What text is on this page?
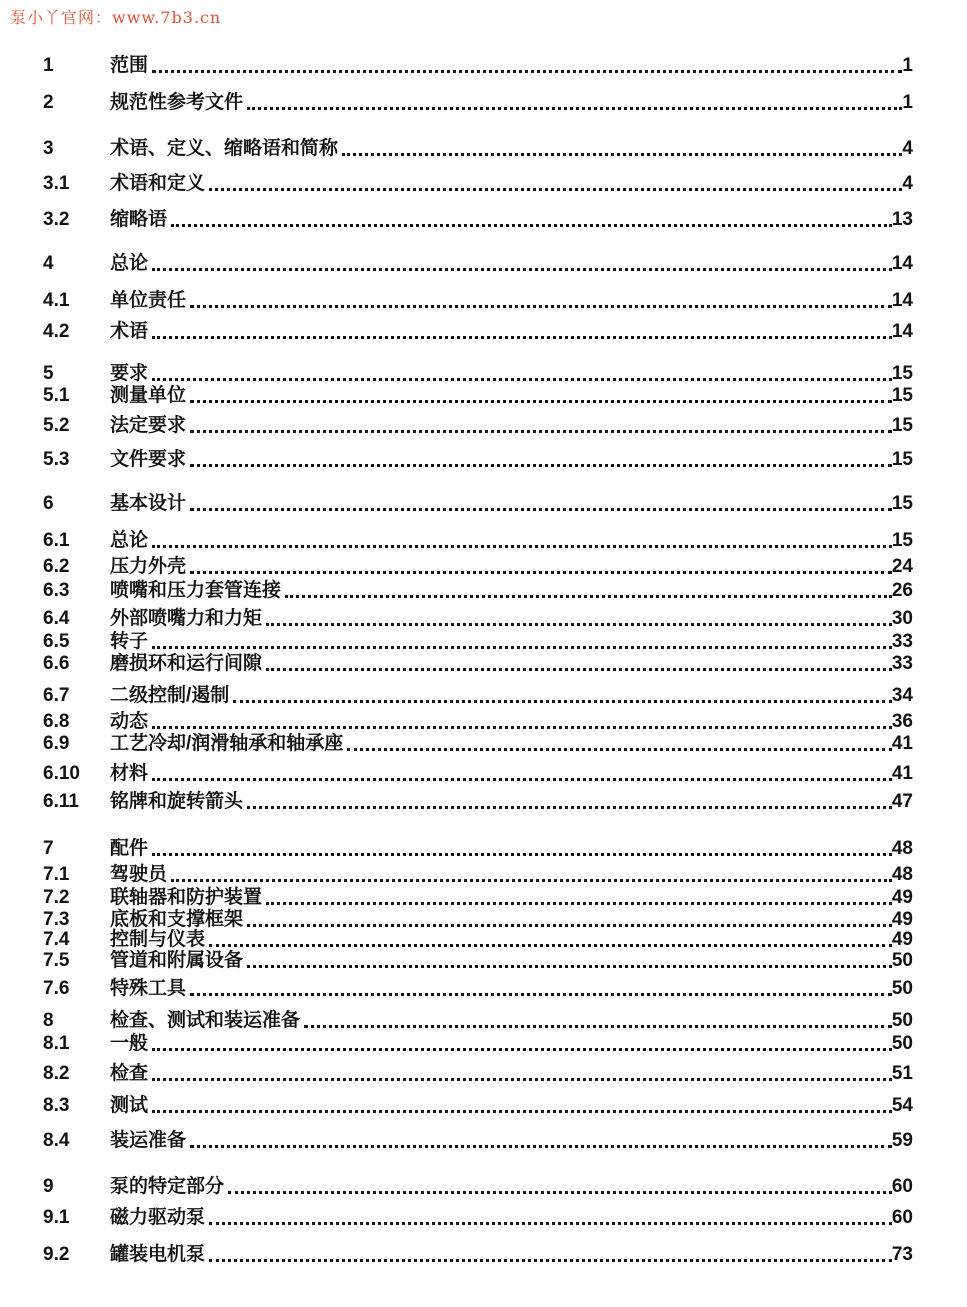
泵小丫官网：www.7b3.cn
1	范围	1
2	规范性参考文件	1
3	术语、定义、缩略语和简称	4
3.1	术语和定义	4
3.2	缩略语	13
4	总论	14
4.1	单位责任	14
4.2	术语	14
5	要求	15
5.1	测量单位	15
5.2	法定要求	15
5.3	文件要求	15
6	基本设计	15
6.1	总论	15
6.2	压力外壳	24
6.3	喷嘴和压力套管连接	26
6.4	外部喷嘴力和力矩	30
6.5	转子	33
6.6	磨损环和运行间隙	33
6.7	二级控制/遏制	34
6.8	动态	36
6.9	工艺冷却/润滑轴承和轴承座	41
6.10	材料	41
6.11	铭牌和旋转箭头	47
7	配件	48
7.1	驾驶员	48
7.2	联轴器和防护装置	49
7.3	底板和支撑框架	49
7.4	控制与仪表	49
7.5	管道和附属设备	50
7.6	特殊工具	50
8	检查、测试和装运准备	50
8.1	一般	50
8.2	检查	51
8.3	测试	54
8.4	装运准备	59
9	泵的特定部分	60
9.1	磁力驱动泵	60
9.2	罐装电机泵	73
